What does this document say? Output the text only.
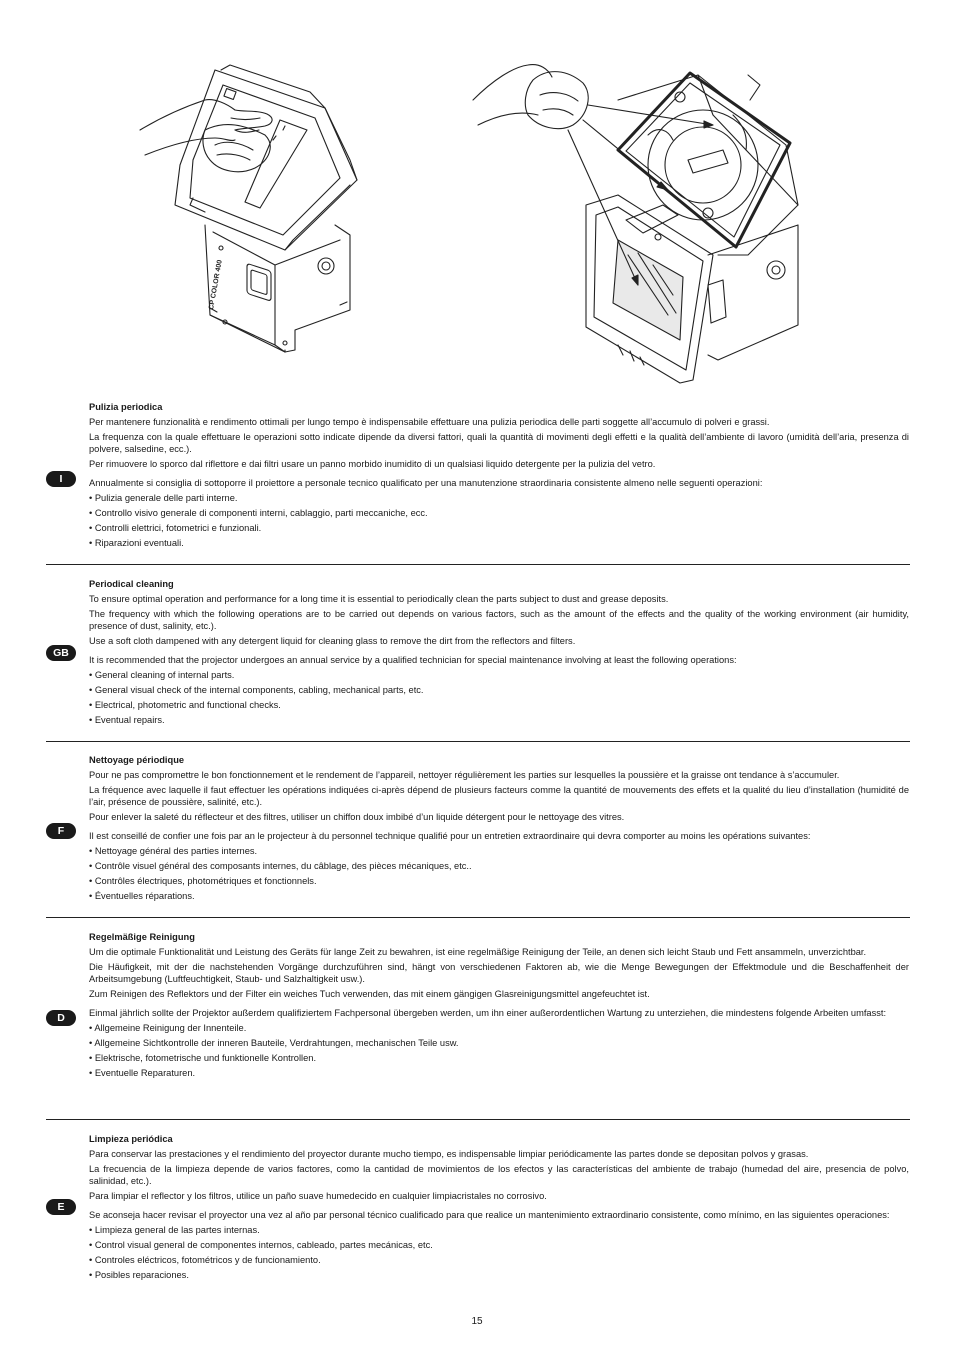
CP COLOR 400
I
Pulizia periodica

Per mantenere funzionalità e rendimento ottimali per lungo tempo è indispensabile effettuare una pulizia periodica delle parti soggette all’accumulo di polveri e grassi.

La frequenza con la quale effettuare le operazioni sotto indicate dipende da diversi fattori, quali la quantità di movimenti degli effetti e la qualità dell’ambiente di lavoro (umidità dell’aria, presenza di polvere, salsedine, ecc.).

Per rimuovere lo sporco dal riflettore e dai filtri usare un panno morbido inumidito di un qualsiasi liquido detergente per la pulizia del vetro.

Annualmente si consiglia di sottoporre il proiettore a personale tecnico qualificato per una manutenzione straordinaria consistente almeno nelle seguenti operazioni:

• Pulizia generale delle parti interne.
• Controllo visivo generale di componenti interni, cablaggio, parti meccaniche, ecc.
• Controlli elettrici, fotometrici e funzionali.
• Riparazioni eventuali.
GB
Periodical cleaning

To ensure optimal operation and performance for a long time it is essential to periodically clean the parts subject to dust and grease deposits.

The frequency with which the following operations are to be carried out depends on various factors, such as the amount of the effects and the quality of the working environment (air humidity, presence of dust, salinity, etc.).

Use a soft cloth dampened with any detergent liquid for cleaning glass to remove the dirt from the reflectors and filters.

It is recommended that the projector undergoes an annual service by a qualified technician for special maintenance involving at least the following operations:

• General cleaning of internal parts.
• General visual check of the internal components, cabling, mechanical parts, etc.
• Electrical, photometric and functional checks.
• Eventual repairs.
F
Nettoyage périodique

Pour ne pas compromettre le bon fonctionnement et le rendement de l’appareil, nettoyer régulièrement les parties sur lesquelles la poussière et la graisse ont tendance à s’accumuler.

La fréquence avec laquelle il faut effectuer les opérations indiquées ci-après dépend de plusieurs facteurs comme la quantité de mouvements des effets et la qualité du lieu d’installation (humidité de l’air, présence de poussière, salinité, etc.).

Pour enlever la saleté du réflecteur et des filtres, utiliser un chiffon doux imbibé d’un liquide détergent pour le nettoyage des vitres.

Il est conseillé de confier une fois par an le projecteur à du personnel technique qualifié pour un entretien extraordinaire qui devra comporter au moins les opérations suivantes:

• Nettoyage général des parties internes.
• Contrôle visuel général des composants internes, du câblage, des pièces mécaniques, etc..
• Contrôles électriques, photométriques et fonctionnels.
• Éventuelles réparations.
D
Regelmäßige Reinigung

Um die optimale Funktionalität und Leistung des Geräts für lange Zeit zu bewahren, ist eine regelmäßige Reinigung der Teile, an denen sich leicht Staub und Fett ansammeln, unverzichtbar.

Die Häufigkeit, mit der die nachstehenden Vorgänge durchzuführen sind, hängt von verschiedenen Faktoren ab, wie die Menge Bewegungen der Effektmodule und die Beschaffenheit der Arbeitsumgebung (Luftfeuchtigkeit, Staub- und Salzhaltigkeit usw.).

Zum Reinigen des Reflektors und der Filter ein weiches Tuch verwenden, das mit einem gängigen Glasreinigungsmittel angefeuchtet ist.

Einmal jährlich sollte der Projektor außerdem qualifiziertem Fachpersonal übergeben werden, um ihn einer außerordentlichen Wartung zu unterziehen, die mindestens folgende Arbeiten umfasst:

• Allgemeine Reinigung der Innenteile.
• Allgemeine Sichtkontrolle der inneren Bauteile, Verdrahtungen, mechanischen Teile usw.
• Elektrische, fotometrische und funktionelle Kontrollen.
• Eventuelle Reparaturen.
E
Limpieza periódica

Para conservar las prestaciones y el rendimiento del proyector durante mucho tiempo, es indispensable limpiar periódicamente las partes donde se depositan polvos y grasas.

La frecuencia de la limpieza depende de varios factores, como la cantidad de movimientos de los efectos y las características del ambiente de trabajo (humedad del aire, presencia de polvo, salinidad, etc.).

Para limpiar el reflector y los filtros, utilice un paño suave humedecido en cualquier limpiacristales no corrosivo.

Se aconseja hacer revisar el proyector una vez al año par personal técnico cualificado para que realice un mantenimiento extraordinario consistente, como mínimo, en las siguientes operaciones:

• Limpieza general de las partes internas.
• Control visual general de componentes internos, cableado, partes mecánicas, etc.
• Controles eléctricos, fotométricos y de funcionamiento.
• Posibles reparaciones.
15
